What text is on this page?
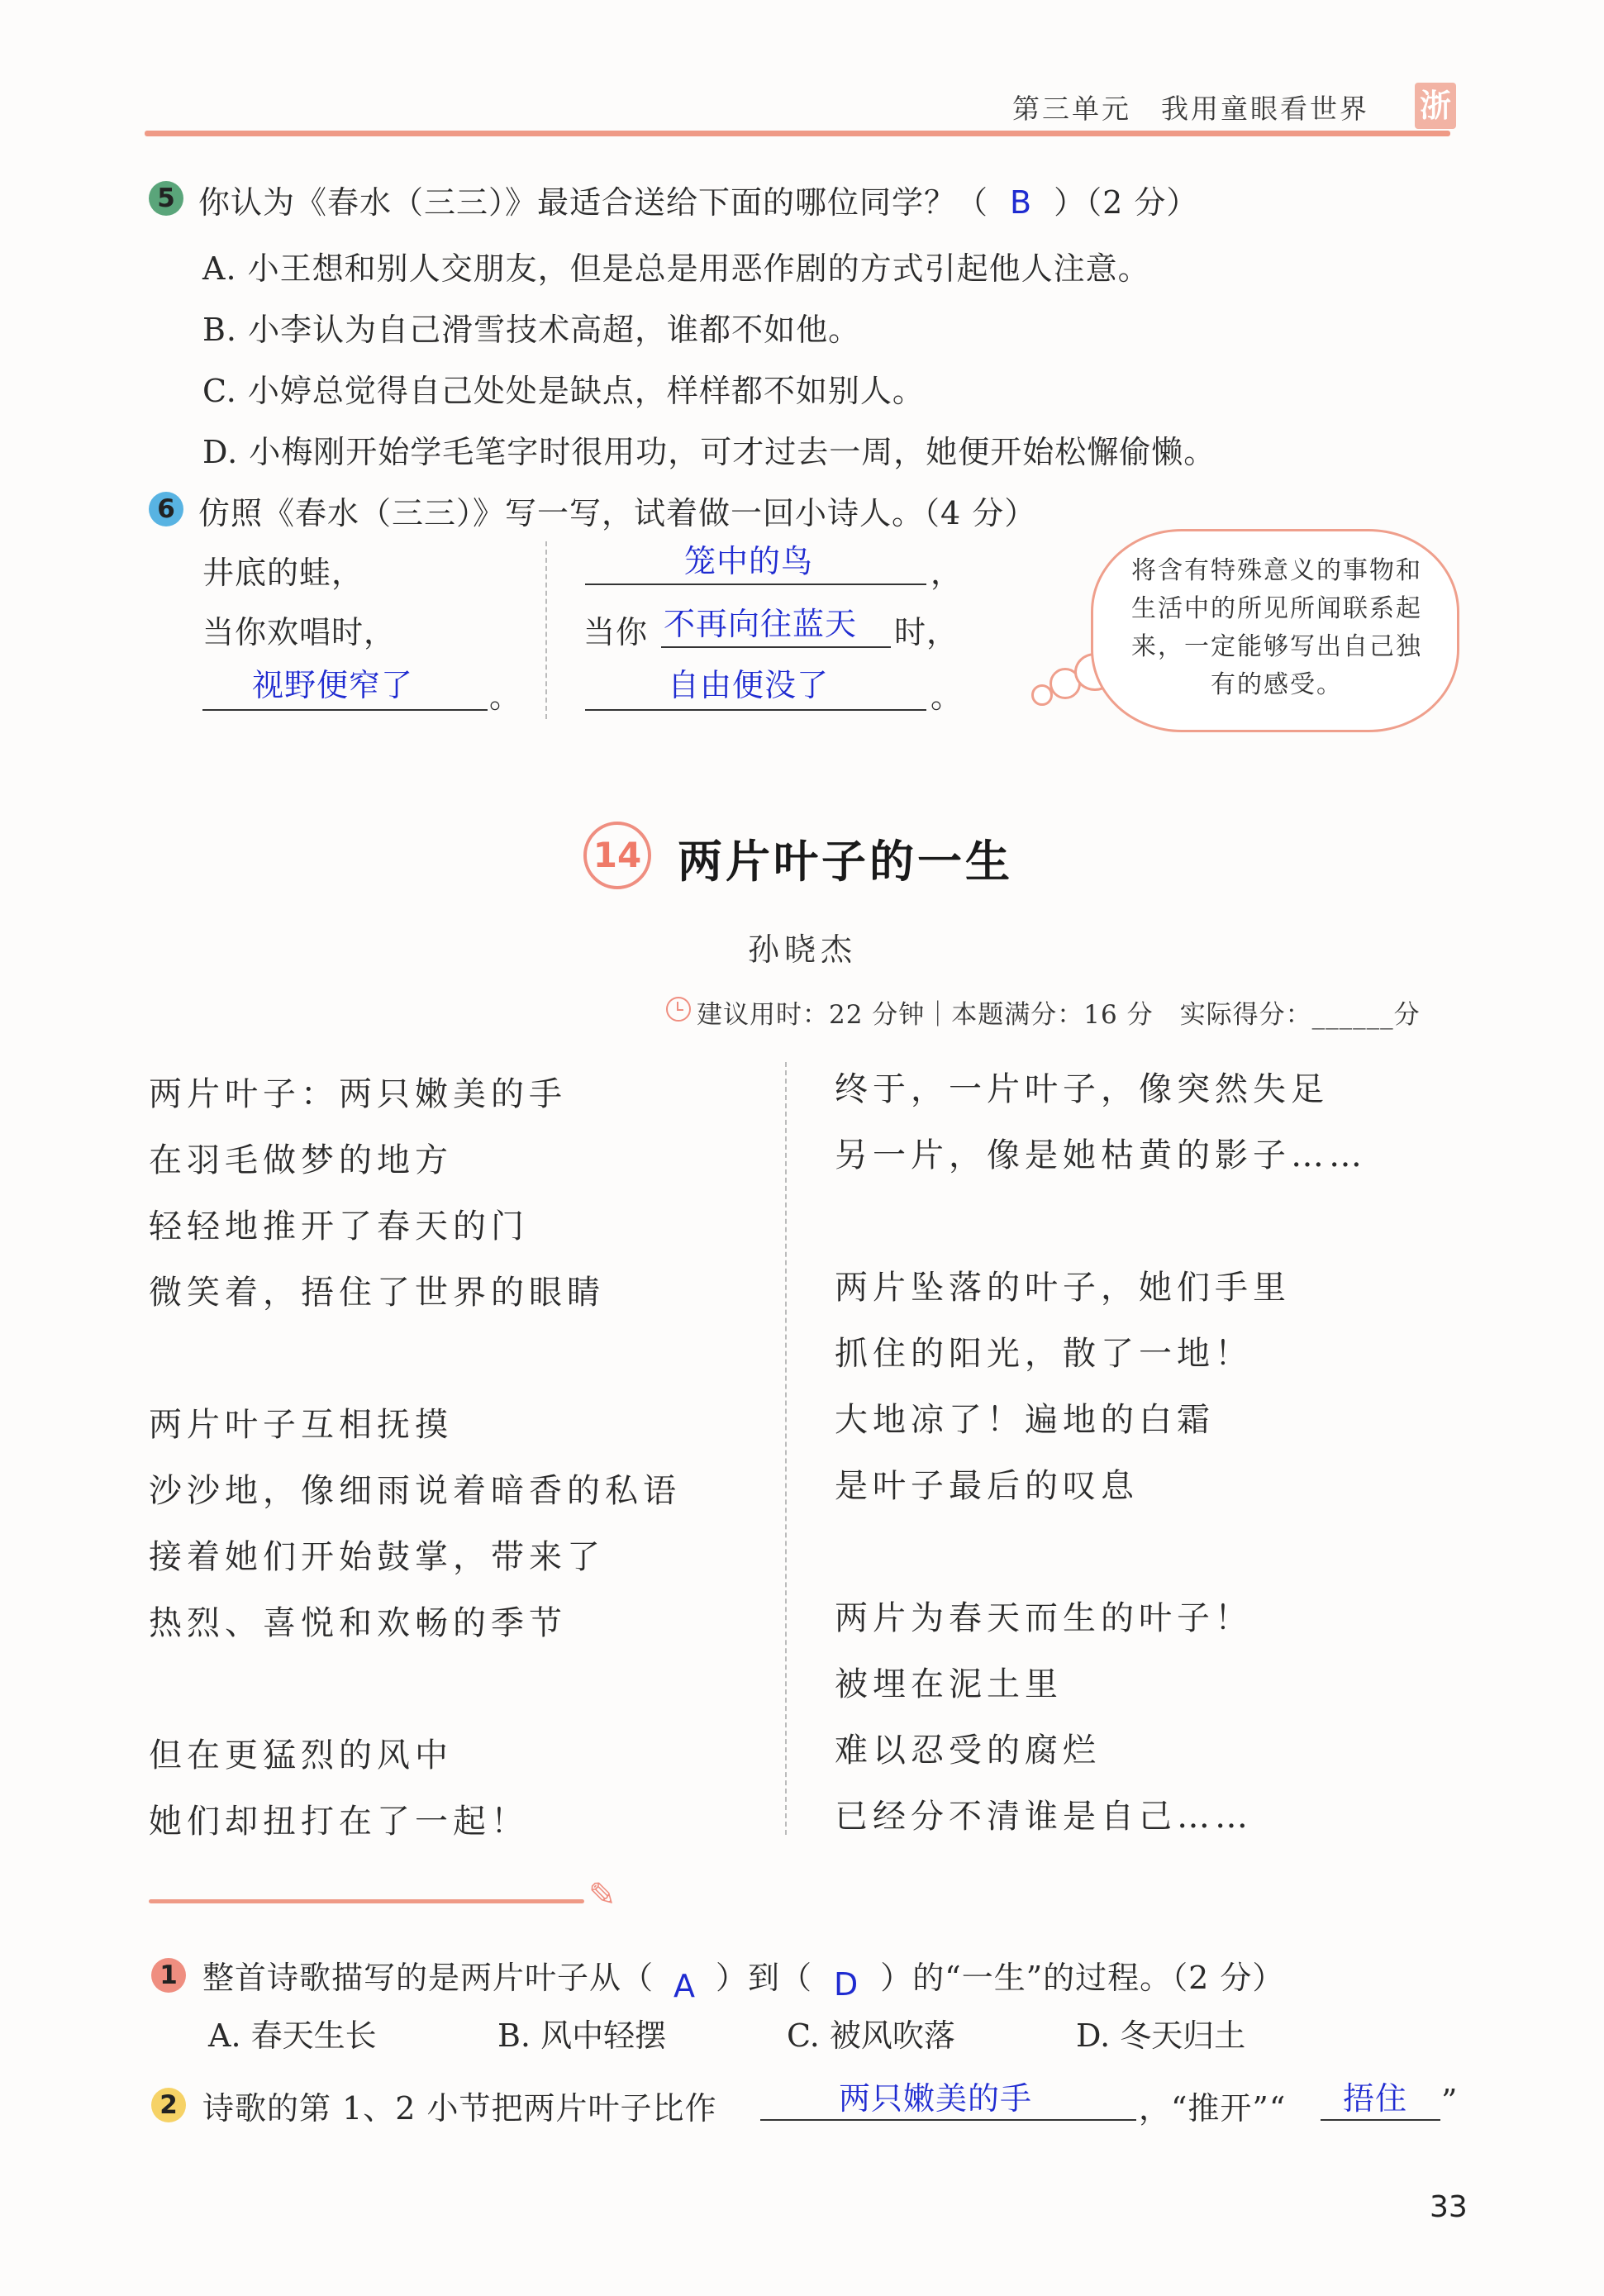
第三单元　我用童眼看世界 浙
5 你认为《春水（三三）》最适合送给下面的哪位同学？（ B ）（2 分）
A. 小王想和别人交朋友，但是总是用恶作剧的方式引起他人注意。
B. 小李认为自己滑雪技术高超，谁都不如他。
C. 小婷总觉得自己处处是缺点，样样都不如别人。
D. 小梅刚开始学毛笔字时很用功，可才过去一周，她便开始松懈偷懒。
6 仿照《春水（三三）》写一写，试着做一回小诗人。（4 分）
井底的蛙，
当你欢唱时，
视野便窄了 。
笼中的鸟	，
当你 不再向往蓝天 时，
自由便没了	。
将含有特殊意义的事物和生活中的所见所闻联系起来，一定能够写出自己独有的感受。
14 两片叶子的一生
孙晓杰
建议用时：22 分钟｜本题满分：16 分　实际得分：______分
两片叶子：两只嫩美的手
在羽毛做梦的地方
轻轻地推开了春天的门
微笑着，捂住了世界的眼睛
两片叶子互相抚摸
沙沙地，像细雨说着暗香的私语
接着她们开始鼓掌，带来了
热烈、喜悦和欢畅的季节
但在更猛烈的风中
她们却扭打在了一起！
终于，一片叶子，像突然失足
另一片，像是她枯黄的影子……
两片坠落的叶子，她们手里
抓住的阳光，散了一地！
大地凉了！遍地的白霜
是叶子最后的叹息
两片为春天而生的叶子！
被埋在泥土里
难以忍受的腐烂
已经分不清谁是自己……
✎
1 整首诗歌描写的是两片叶子从（ A ）到（ D ）的“一生”的过程。（2 分）
A. 春天生长	B. 风中轻摆	C. 被风吹落	D. 冬天归土
2 诗歌的第 1、2 小节把两片叶子比作	两只嫩美的手	，“推开”“ 捂住 ”
33
